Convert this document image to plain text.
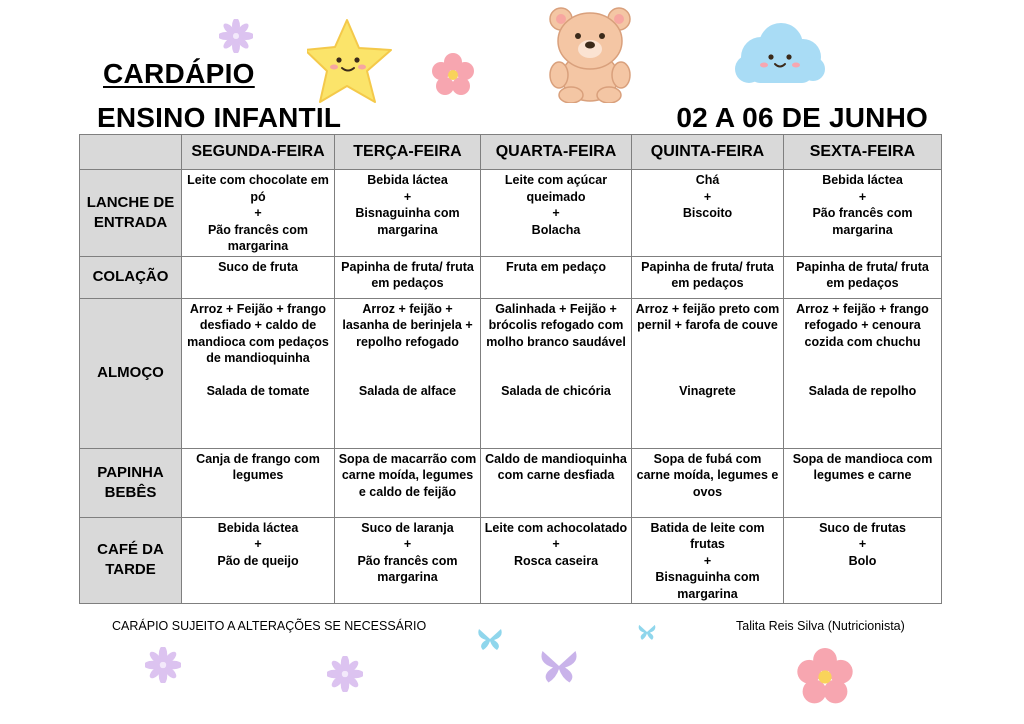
CARDÁPIO
ENSINO INFANTIL	02 A 06 DE JUNHO
	SEGUNDA-FEIRA	TERÇA-FEIRA	QUARTA-FEIRA	QUINTA-FEIRA	SEXTA-FEIRA

LANCHE DE
ENTRADA	Leite com chocolate em
pó
+
Pão francês com
margarina	Bebida láctea
+
Bisnaguinha com
margarina	Leite com açúcar
queimado
+
Bolacha	Chá
+
Biscoito	Bebida láctea
+
Pão francês com
margarina

COLAÇÃO	Suco de fruta	Papinha de fruta/ fruta
em pedaços	Fruta em pedaço	Papinha de fruta/ fruta
em pedaços	Papinha de fruta/ fruta
em pedaços

ALMOÇO	Arroz + Feijão + frango
desfiado + caldo de
mandioca com pedaços
de mandioquinha
Salada de tomate	Arroz + feijão +
lasanha de berinjela +
repolho refogado
Salada de alface	Galinhada + Feijão +
brócolis refogado com
molho branco saudável
Salada de chicória	Arroz + feijão preto com
pernil + farofa de couve
Vinagrete	Arroz + feijão + frango
refogado + cenoura
cozida com chuchu
Salada de repolho

PAPINHA
BEBÊS	Canja de frango com
legumes	Sopa de macarrão com
carne moída, legumes
e caldo de feijão	Caldo de mandioquinha
com carne desfiada	Sopa de fubá com
carne moída, legumes e
ovos	Sopa de mandioca com
legumes e carne

CAFÉ DA
TARDE	Bebida láctea
+
Pão de queijo	Suco de laranja
+
Pão francês com
margarina	Leite com achocolatado
+
Rosca caseira	Batida de leite com
frutas
+
Bisnaguinha com
margarina	Suco de frutas
+
Bolo
CARÁPIO SUJEITO A ALTERAÇÕES SE NECESSÁRIO	Talita Reis Silva (Nutricionista)
